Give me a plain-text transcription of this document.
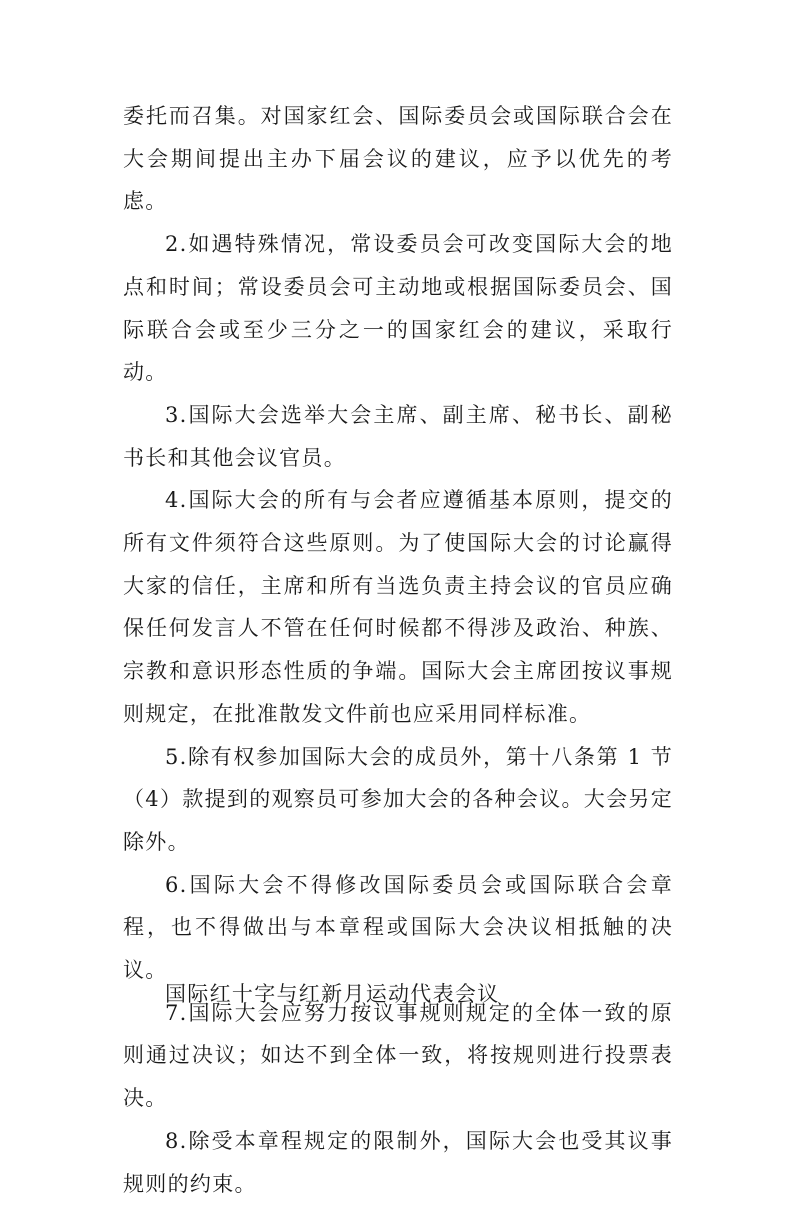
委托而召集。对国家红会、国际委员会或国际联合会在大会期间提出主办下届会议的建议，应予以优先的考虑。

2.如遇特殊情况，常设委员会可改变国际大会的地点和时间；常设委员会可主动地或根据国际委员会、国际联合会或至少三分之一的国家红会的建议，采取行动。

3.国际大会选举大会主席、副主席、秘书长、副秘书长和其他会议官员。

4.国际大会的所有与会者应遵循基本原则，提交的所有文件须符合这些原则。为了使国际大会的讨论赢得大家的信任，主席和所有当选负责主持会议的官员应确保任何发言人不管在任何时候都不得涉及政治、种族、宗教和意识形态性质的争端。国际大会主席团按议事规则规定，在批准散发文件前也应采用同样标准。

5.除有权参加国际大会的成员外，第十八条第 1 节（4）款提到的观察员可参加大会的各种会议。大会另定除外。

6.国际大会不得修改国际委员会或国际联合会章程，也不得做出与本章程或国际大会决议相抵触的决议。

7.国际大会应努力按议事规则规定的全体一致的原则通过决议；如达不到全体一致，将按规则进行投票表决。

8.除受本章程规定的限制外，国际大会也受其议事规则的约束。

国际红十字与红新月运动代表会议
